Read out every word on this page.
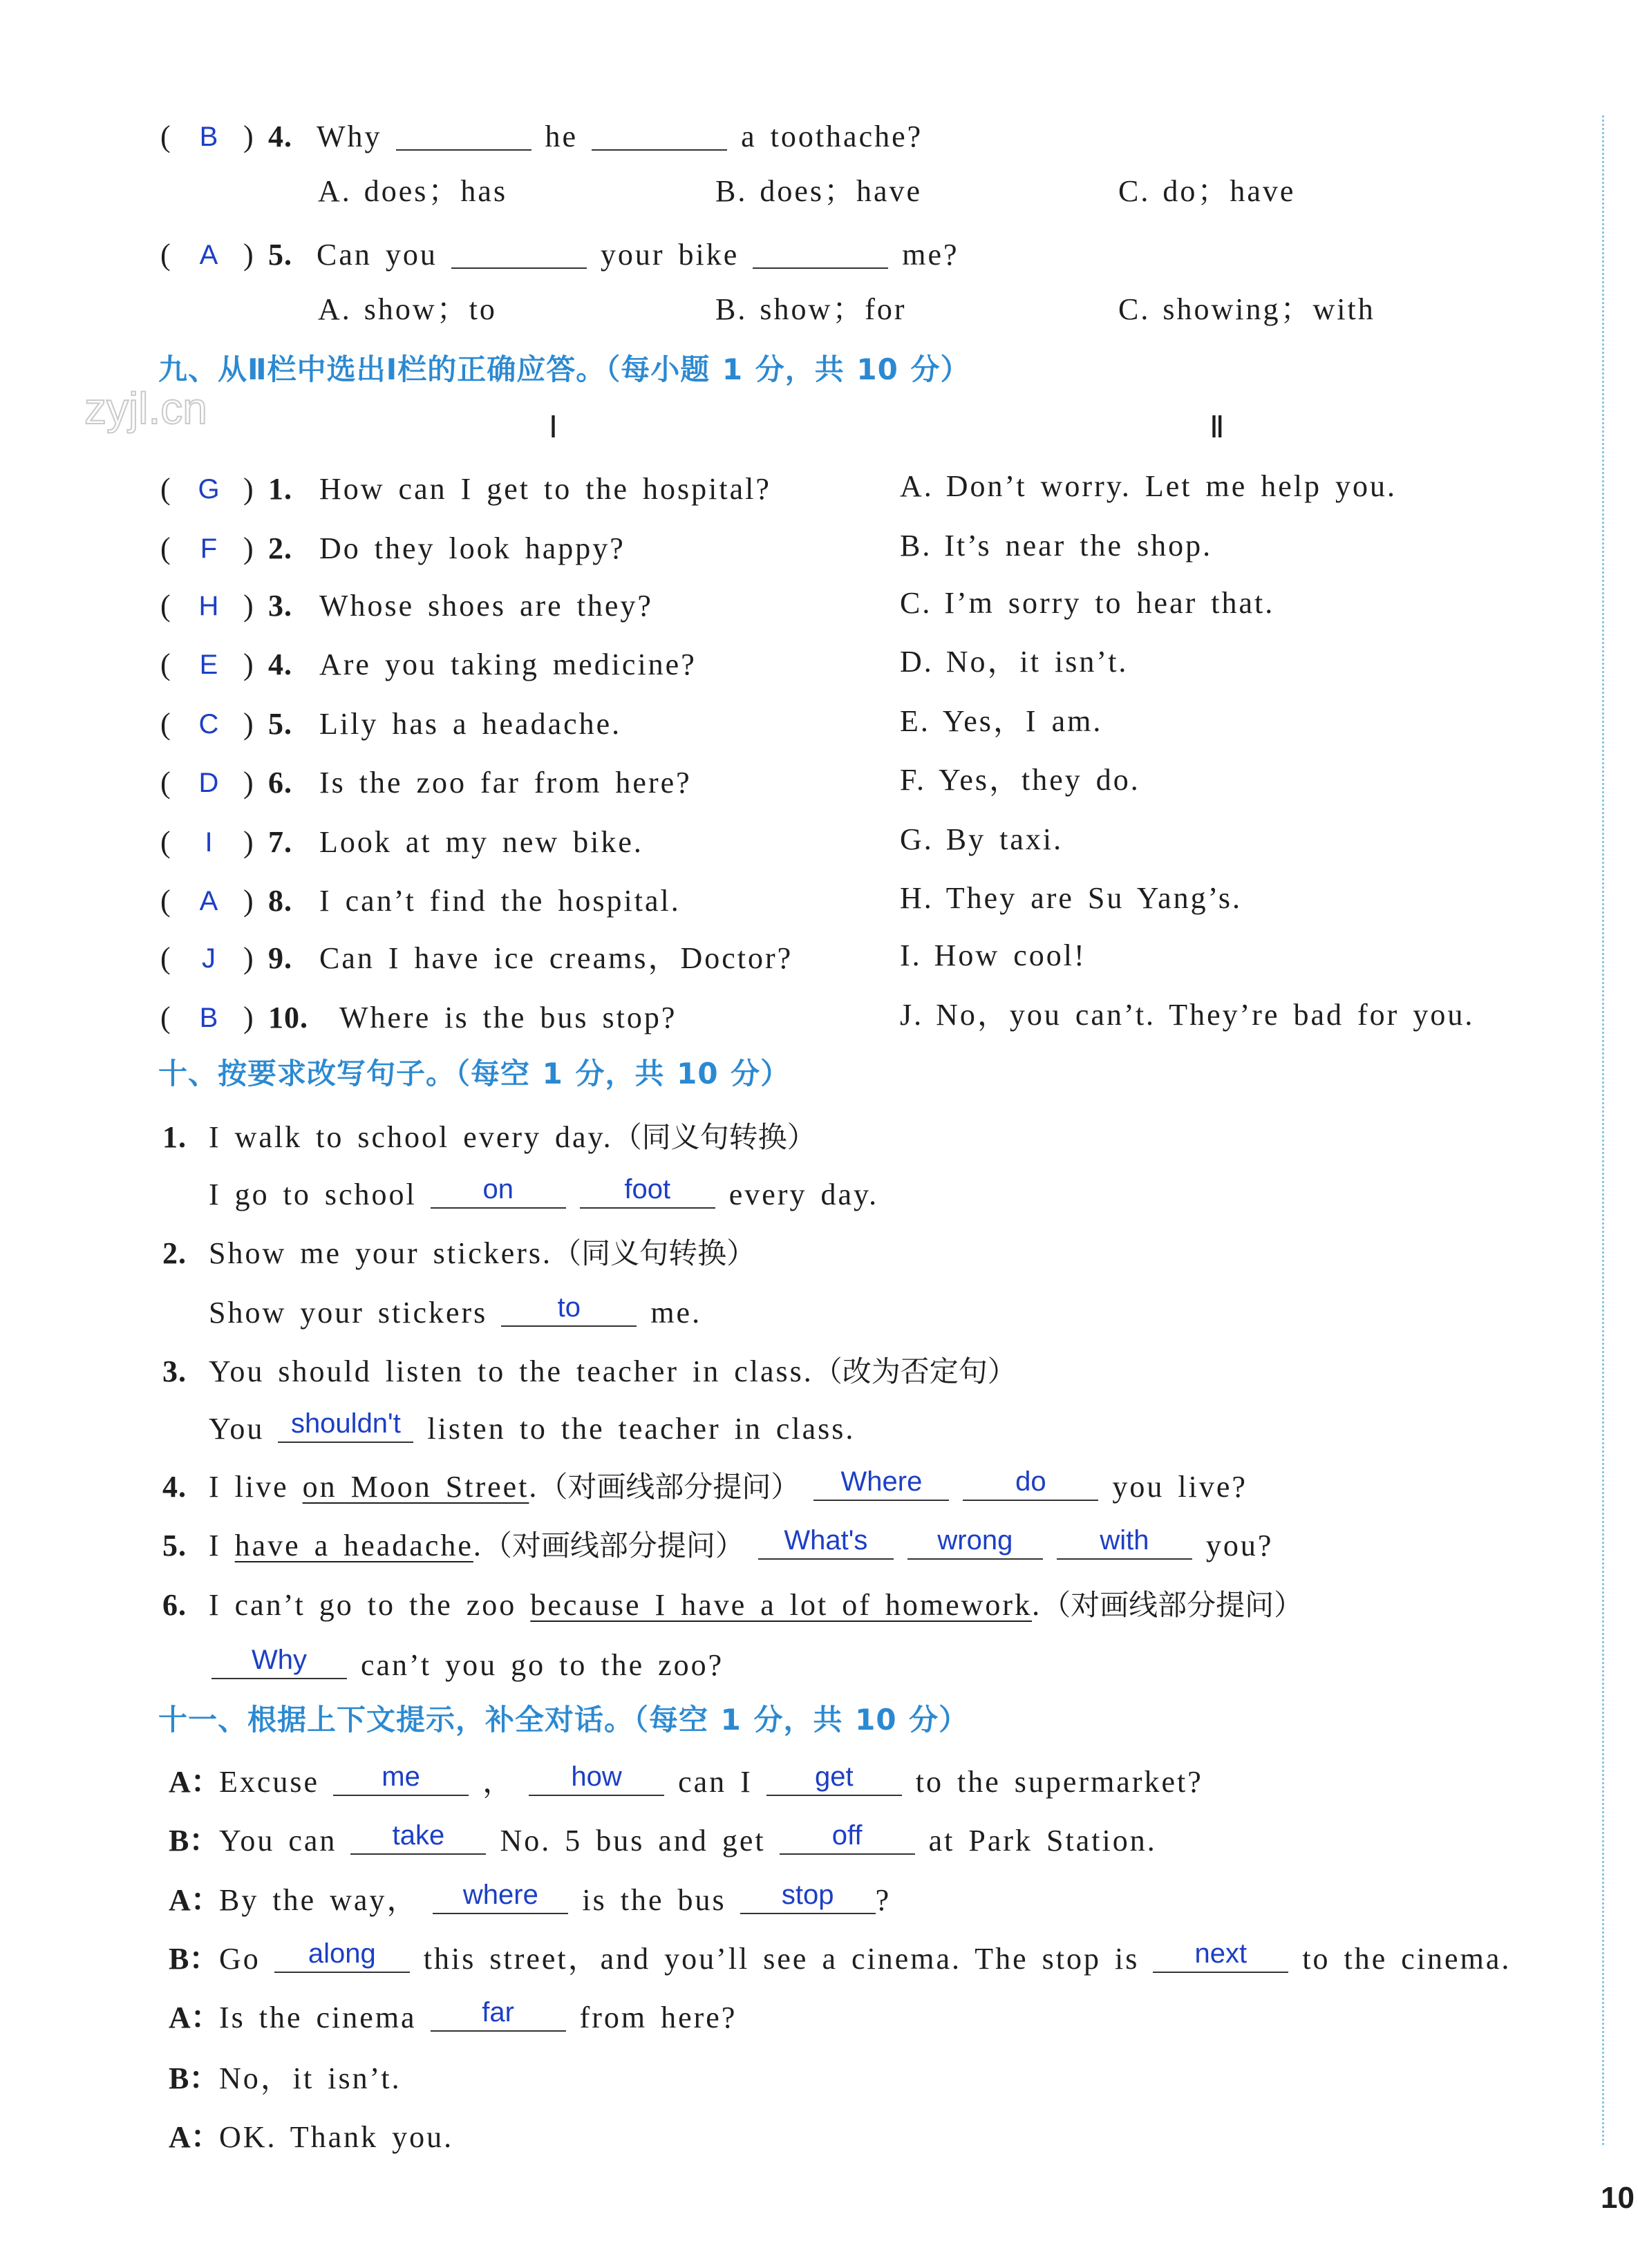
zyjl.cn
( B ) 4. Why	he	a toothache?
A. does；has	B. does；have	C. do；have
( A ) 5. Can you	your bike	me?
A. show；to	B. show；for	C. showing；with
九、从Ⅱ栏中选出Ⅰ栏的正确应答。（每小题 1 分，共 10 分）
Ⅰ	Ⅱ
( G ) 1. How can I get to the hospital?	A. Don’t worry. Let me help you.
( F ) 2. Do they look happy?	B. It’s near the shop.
( H ) 3. Whose shoes are they?	C. I’m sorry to hear that.
( E ) 4. Are you taking medicine?	D. No，it isn’t.
( C ) 5. Lily has a headache.	E. Yes，I am.
( D ) 6. Is the zoo far from here?	F. Yes，they do.
(	I	) 7. Look at my new bike.	G. By taxi.
( A ) 8. I can’t find the hospital.	H. They are Su Yang’s.
(	J ) 9. Can I have ice creams，Doctor?	I. How cool!
( B ) 10. Where is the bus stop?	J. No，you can’t. They’re bad for you.
十、按要求改写句子。（每空 1 分，共 10 分）
1. I walk to school every day.（同义句转换）
I go to school on	foot every day.
2. Show me your stickers.（同义句转换）
Show your stickers	to me.
3. You should listen to the teacher in class.（改为否定句）
You shouldn't listen to the teacher in class.
4. I live on Moon Street.（对画线部分提问） Where	do you live?
5. I have a headache.（对画线部分提问） What's	wrong	with you?
6. I can’t go to the zoo because I have a lot of homework.（对画线部分提问）
Why can’t you go to the zoo?
十一、根据上下文提示，补全对话。（每空 1 分，共 10 分）
A：
Excuse me ， how can I get to the supermarket?
B： You can take No. 5 bus and get off at Park Station.
A：
By the way， where is the bus stop ?
B： Go along this street，and you’ll see a cinema. The stop is next to the cinema.
A：
Is the cinema far from here?
B： No，it isn’t.
A：
OK. Thank you.
10
